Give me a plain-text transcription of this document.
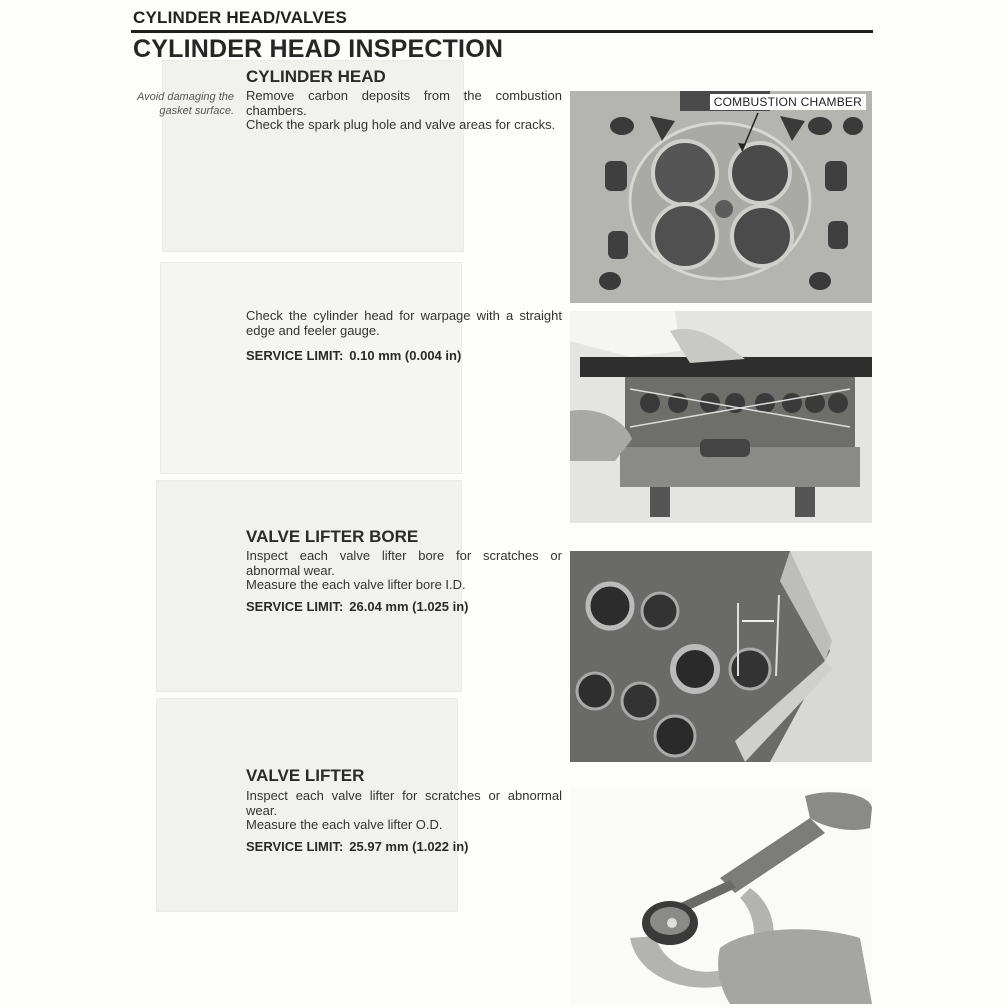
CYLINDER HEAD/VALVES
CYLINDER HEAD INSPECTION
CYLINDER HEAD
Avoid damaging the gasket surface.

Remove carbon deposits from the combustion chambers.

Check the spark plug hole and valve areas for cracks.

COMBUSTION CHAMBER

Check the cylinder head for warpage with a straight edge and feeler gauge.

SERVICE LIMIT: 0.10 mm (0.004 in)
VALVE LIFTER BORE

Inspect each valve lifter bore for scratches or abnormal wear.

Measure the each valve lifter bore I.D.

SERVICE LIMIT: 26.04 mm (1.025 in)
VALVE LIFTER

Inspect each valve lifter for scratches or abnormal wear.

Measure the each valve lifter O.D.

SERVICE LIMIT: 25.97 mm (1.022 in)
